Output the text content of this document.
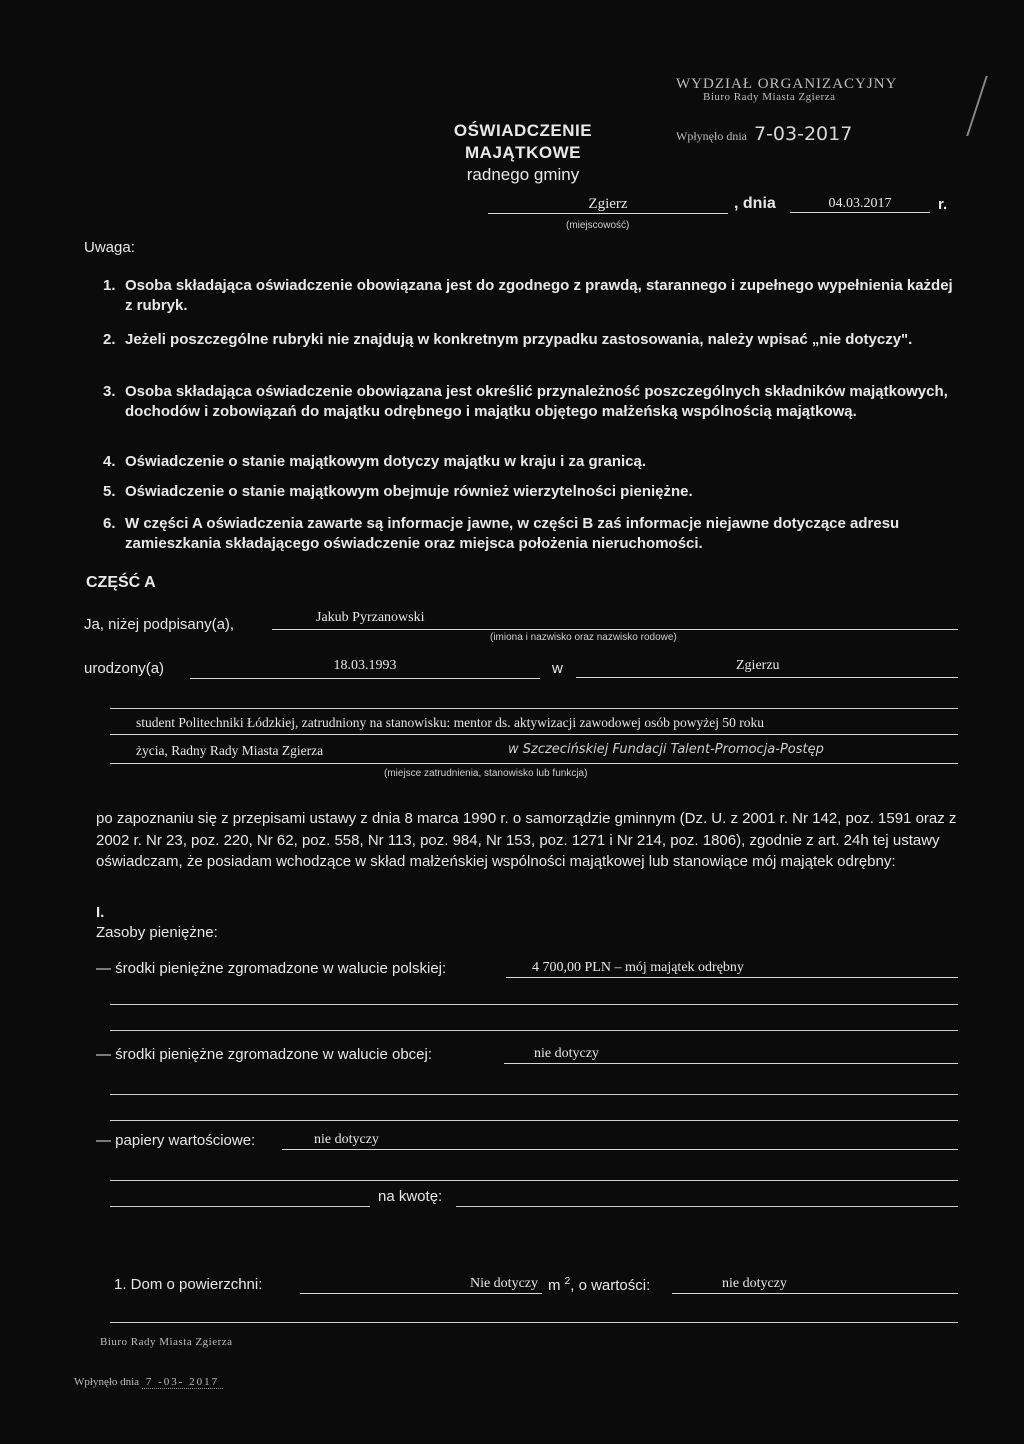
OŚWIADCZENIE MAJĄTKOWE
radnego gminy
WYDZIAŁ ORGANIZACYJNY
Biuro Rady Miasta Zgierza
Wpłynęło dnia 7-03-2017
Zgierz
(miejscowość)
, dnia	04.03.2017	r.
Uwaga:
1. Osoba składająca oświadczenie obowiązana jest do zgodnego z prawdą, starannego i zupełnego wypełnienia każdej z rubryk.
2. Jeżeli poszczególne rubryki nie znajdują w konkretnym przypadku zastosowania, należy wpisać „nie dotyczy".
3. Osoba składająca oświadczenie obowiązana jest określić przynależność poszczególnych składników majątkowych, dochodów i zobowiązań do majątku odrębnego i majątku objętego małżeńską wspólnością majątkową.
4. Oświadczenie o stanie majątkowym dotyczy majątku w kraju i za granicą.
5. Oświadczenie o stanie majątkowym obejmuje również wierzytelności pieniężne.
6. W części A oświadczenia zawarte są informacje jawne, w części B zaś informacje niejawne dotyczące adresu zamieszkania składającego oświadczenie oraz miejsca położenia nieruchomości.
CZĘŚĆ A
Ja, niżej podpisany(a),	Jakub Pyrzanowski
(imiona i nazwisko oraz nazwisko rodowe)
urodzony(a)	18.03.1993	w	Zgierzu
student Politechniki Łódzkiej, zatrudniony na stanowisku: mentor ds. aktywizacji zawodowej osób powyżej 50 roku
życia, Radny Rady Miasta Zgierza	w Szczecińskiej Fundacji Talent-Promocja-Postęp
(miejsce zatrudnienia, stanowisko lub funkcja)
po zapoznaniu się z przepisami ustawy z dnia 8 marca 1990 r. o samorządzie gminnym (Dz. U. z 2001 r. Nr 142, poz. 1591 oraz z 2002 r. Nr 23, poz. 220, Nr 62, poz. 558, Nr 113, poz. 984, Nr 153, poz. 1271 i Nr 214, poz. 1806), zgodnie z art. 24h tej ustawy oświadczam, że posiadam wchodzące w skład małżeńskiej wspólności majątkowej lub stanowiące mój majątek odrębny:
I.
Zasoby pieniężne:
— środki pieniężne zgromadzone w walucie polskiej:	4 700,00 PLN – mój majątek odrębny
— środki pieniężne zgromadzone w walucie obcej:	nie dotyczy
— papiery wartościowe:	nie dotyczy
na kwotę:
1. Dom o powierzchni:	Nie dotyczy m $^2$, o wartości:	nie dotyczy
Biuro Rady Miasta Zgierza
Wpłynęło dnia 7 -03- 2017
